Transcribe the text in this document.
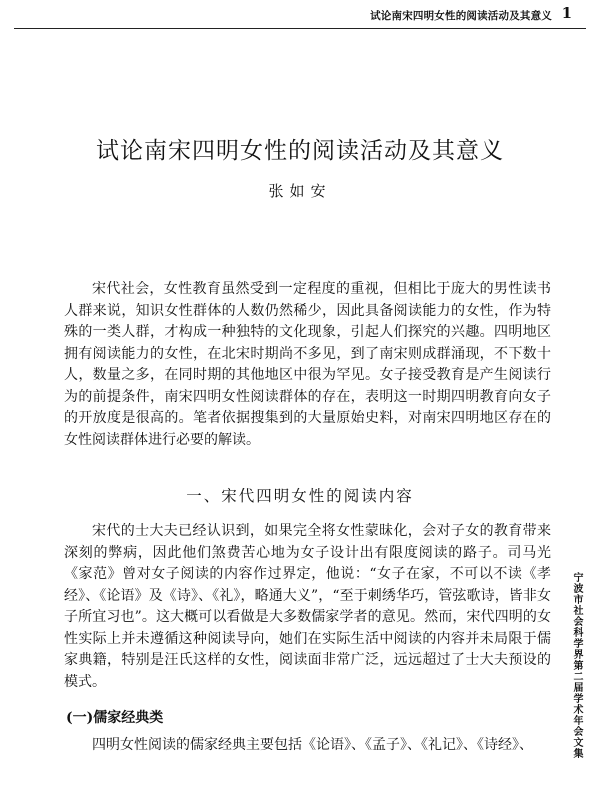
试论南宋四明女性的阅读活动及其意义 1
试论南宋四明女性的阅读活动及其意义
张如安

宋代社会，女性教育虽然受到一定程度的重视，但相比于庞大的男性读书人群来说，知识女性群体的人数仍然稀少，因此具备阅读能力的女性，作为特殊的一类人群，才构成一种独特的文化现象，引起人们探究的兴趣。四明地区拥有阅读能力的女性，在北宋时期尚不多见，到了南宋则成群涌现，不下数十人，数量之多，在同时期的其他地区中很为罕见。女子接受教育是产生阅读行为的前提条件，南宋四明女性阅读群体的存在，表明这一时期四明教育向女子的开放度是很高的。笔者依据搜集到的大量原始史料，对南宋四明地区存在的女性阅读群体进行必要的解读。

一、宋代四明女性的阅读内容

宋代的士大夫已经认识到，如果完全将女性蒙昧化，会对子女的教育带来深刻的弊病，因此他们煞费苦心地为女子设计出有限度阅读的路子。司马光《家范》曾对女子阅读的内容作过界定，他说：“女子在家，不可以不读《孝经》、《论语》及《诗》、《礼》，略通大义”，“至于刺绣华巧，管弦歌诗，皆非女子所宜习也”。这大概可以看做是大多数儒家学者的意见。然而，宋代四明的女性实际上并未遵循这种阅读导向，她们在实际生活中阅读的内容并未局限于儒家典籍，特别是汪氏这样的女性，阅读面非常广泛，远远超过了士大夫预设的模式。

(一)儒家经典类

四明女性阅读的儒家经典主要包括《论语》、《孟子》、《礼记》、《诗经》、	宁波市社会科学界第二届学术年会文集
